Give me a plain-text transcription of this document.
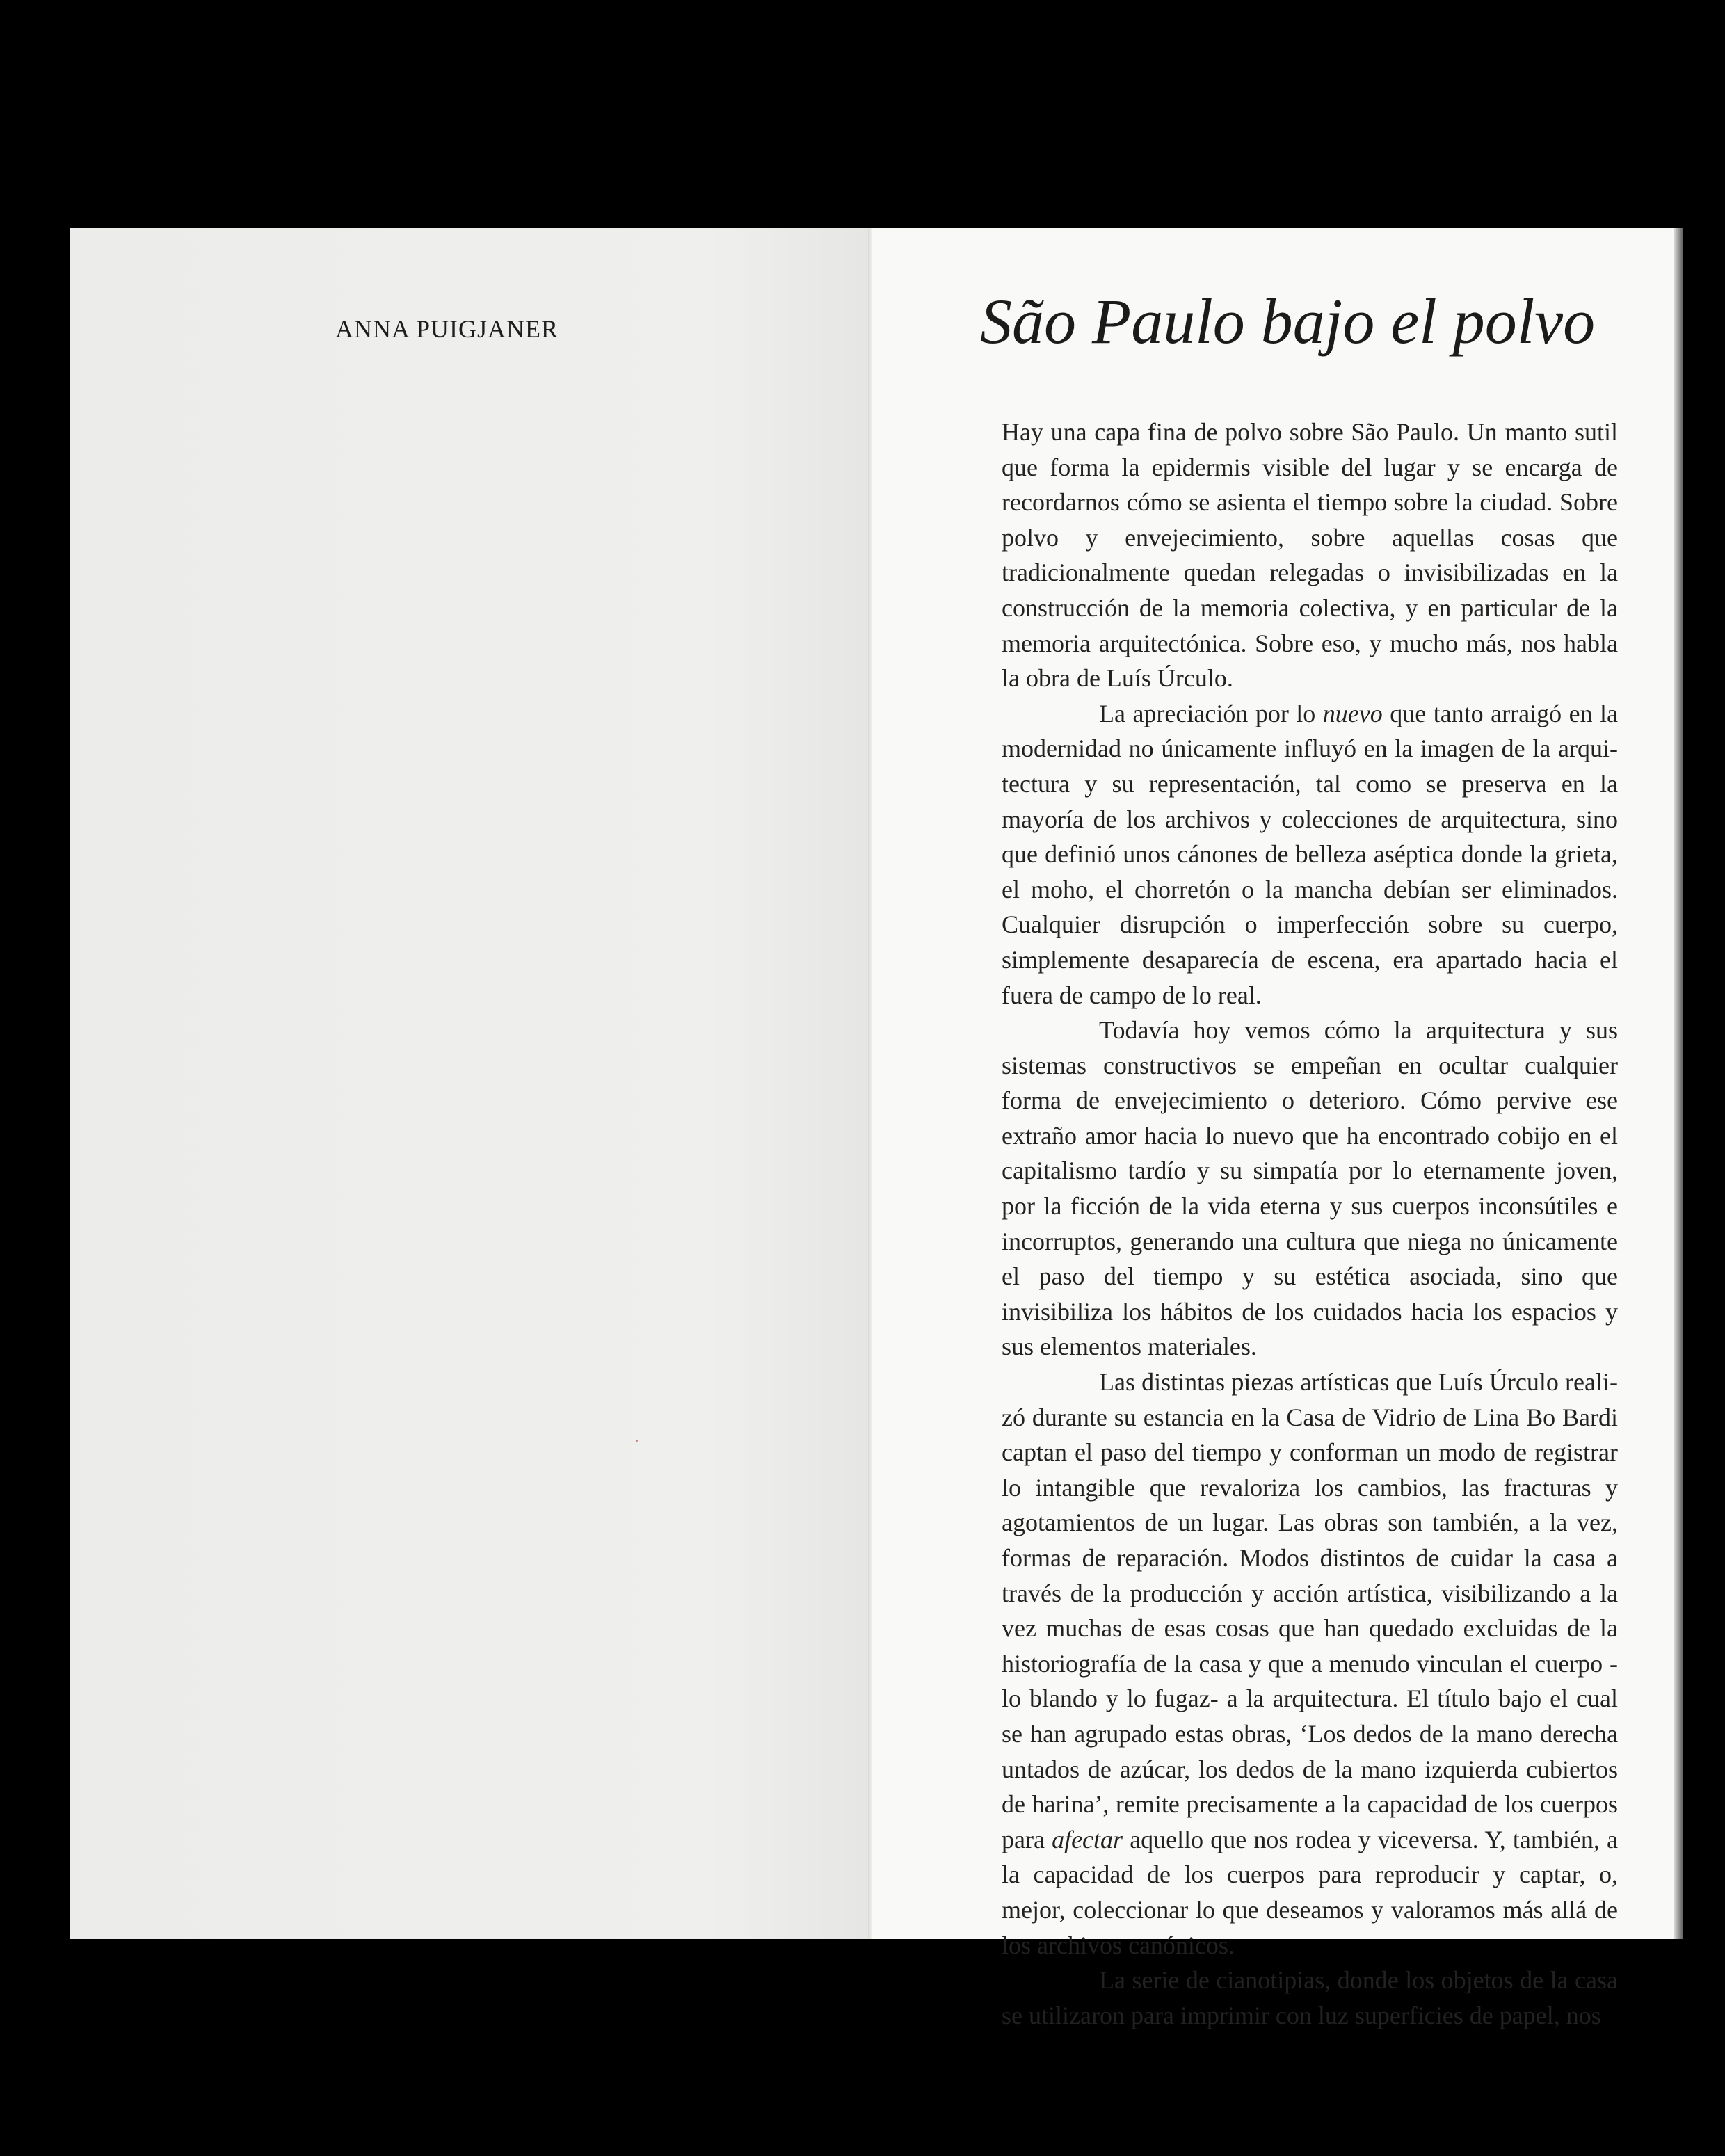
ANNA PUIGJANER	São Paulo bajo el polvo

Hay una capa fina de polvo sobre São Paulo. Un manto sutil que forma la epidermis visible del lugar y se encarga de recordarnos cómo se asienta el tiempo sobre la ciudad. Sobre polvo y envejecimiento, sobre aquellas cosas que tradicionalmente quedan relegadas o invisibilizadas en la construcción de la memoria colectiva, y en particular de la memoria arquitectónica. Sobre eso, y mucho más, nos habla la obra de Luís Úrculo.

La apreciación por lo nuevo que tanto arraigó en la modernidad no únicamente influyó en la imagen de la arquitectura y su representación, tal como se preserva en la mayoría de los archivos y colecciones de arquitectura, sino que definió unos cánones de belleza aséptica donde la grieta, el moho, el chorretón o la mancha debían ser eliminados. Cualquier disrupción o imperfección sobre su cuerpo, simplemente desaparecía de escena, era apartado hacia el fuera de campo de lo real.

Todavía hoy vemos cómo la arquitectura y sus sistemas constructivos se empeñan en ocultar cualquier forma de envejecimiento o deterioro. Cómo pervive ese extraño amor hacia lo nuevo que ha encontrado cobijo en el capitalismo tardío y su simpatía por lo eternamente joven, por la ficción de la vida eterna y sus cuerpos inconsútiles e incorruptos, generando una cultura que niega no únicamente el paso del tiempo y su estética asociada, sino que invisibiliza los hábitos de los cuidados hacia los espacios y sus elementos materiales.

Las distintas piezas artísticas que Luís Úrculo realizó durante su estancia en la Casa de Vidrio de Lina Bo Bardi captan el paso del tiempo y conforman un modo de registrar lo intangible que revaloriza los cambios, las fracturas y agotamientos de un lugar. Las obras son también, a la vez, formas de reparación. Modos distintos de cuidar la casa a través de la producción y acción artística, visibilizando a la vez muchas de esas cosas que han quedado excluidas de la historiografía de la casa y que a menudo vinculan el cuerpo -lo blando y lo fugaz- a la arquitectura. El título bajo el cual se han agrupado estas obras, ‘Los dedos de la mano derecha untados de azúcar, los dedos de la mano izquierda cubiertos de harina’, remite precisamente a la capacidad de los cuerpos para afectar aquello que nos rodea y viceversa. Y, también, a la capacidad de los cuerpos para reproducir y captar, o, mejor, coleccionar lo que deseamos y valoramos más allá de los archivos canónicos.

La serie de cianotipias, donde los objetos de la casa se utilizaron para imprimir con luz superficies de papel, nos
